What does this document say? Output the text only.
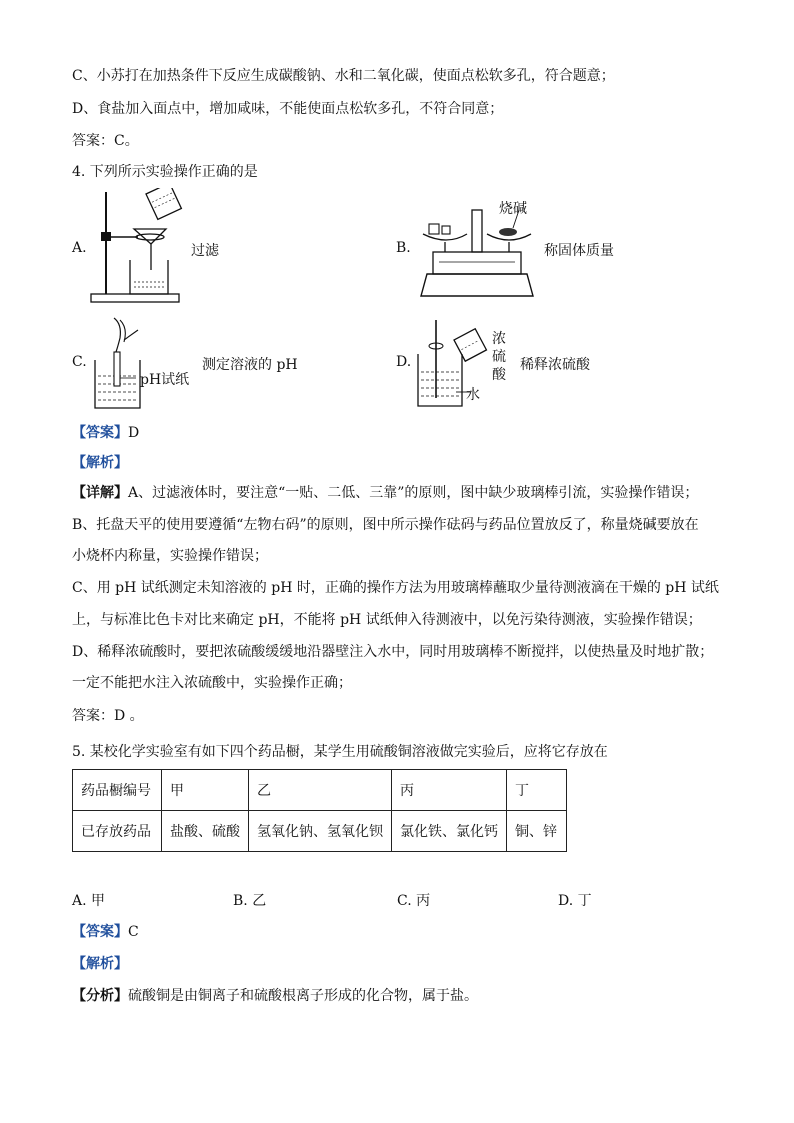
C、小苏打在加热条件下反应生成碳酸钠、水和二氧化碳，使面点松软多孔，符合题意；
D、食盐加入面点中，增加咸味，不能使面点松软多孔，不符合同意；
答案：C。
4. 下列所示实验操作正确的是
A.	过滤	B.
烧碱
称固体质量
C.
pH试纸
测定溶液的 pH	D.
浓硫酸
水
稀释浓硫酸
【答案】D
【解析】
【详解】A、过滤液体时，要注意“一贴、二低、三靠”的原则，图中缺少玻璃棒引流，实验操作错误；
B、托盘天平的使用要遵循“左物右码”的原则，图中所示操作砝码与药品位置放反了，称量烧碱要放在
小烧杯内称量，实验操作错误；
C、用 pH 试纸测定未知溶液的 pH 时，正确的操作方法为用玻璃棒蘸取少量待测液滴在干燥的 pH 试纸
上，与标准比色卡对比来确定 pH，不能将 pH 试纸伸入待测液中，以免污染待测液，实验操作错误；
D、稀释浓硫酸时，要把浓硫酸缓缓地沿器壁注入水中，同时用玻璃棒不断搅拌，以使热量及时地扩散；
一定不能把水注入浓硫酸中，实验操作正确；
答案：D 。
5. 某校化学实验室有如下四个药品橱，某学生用硫酸铜溶液做完实验后，应将它存放在
药品橱编号	甲	乙	丙	丁
已存放药品	盐酸、硫酸	氢氧化钠、氢氧化钡	氯化铁、氯化钙	铜、锌
A. 甲	B. 乙	C. 丙	D. 丁
【答案】C
【解析】
【分析】硫酸铜是由铜离子和硫酸根离子形成的化合物，属于盐。
